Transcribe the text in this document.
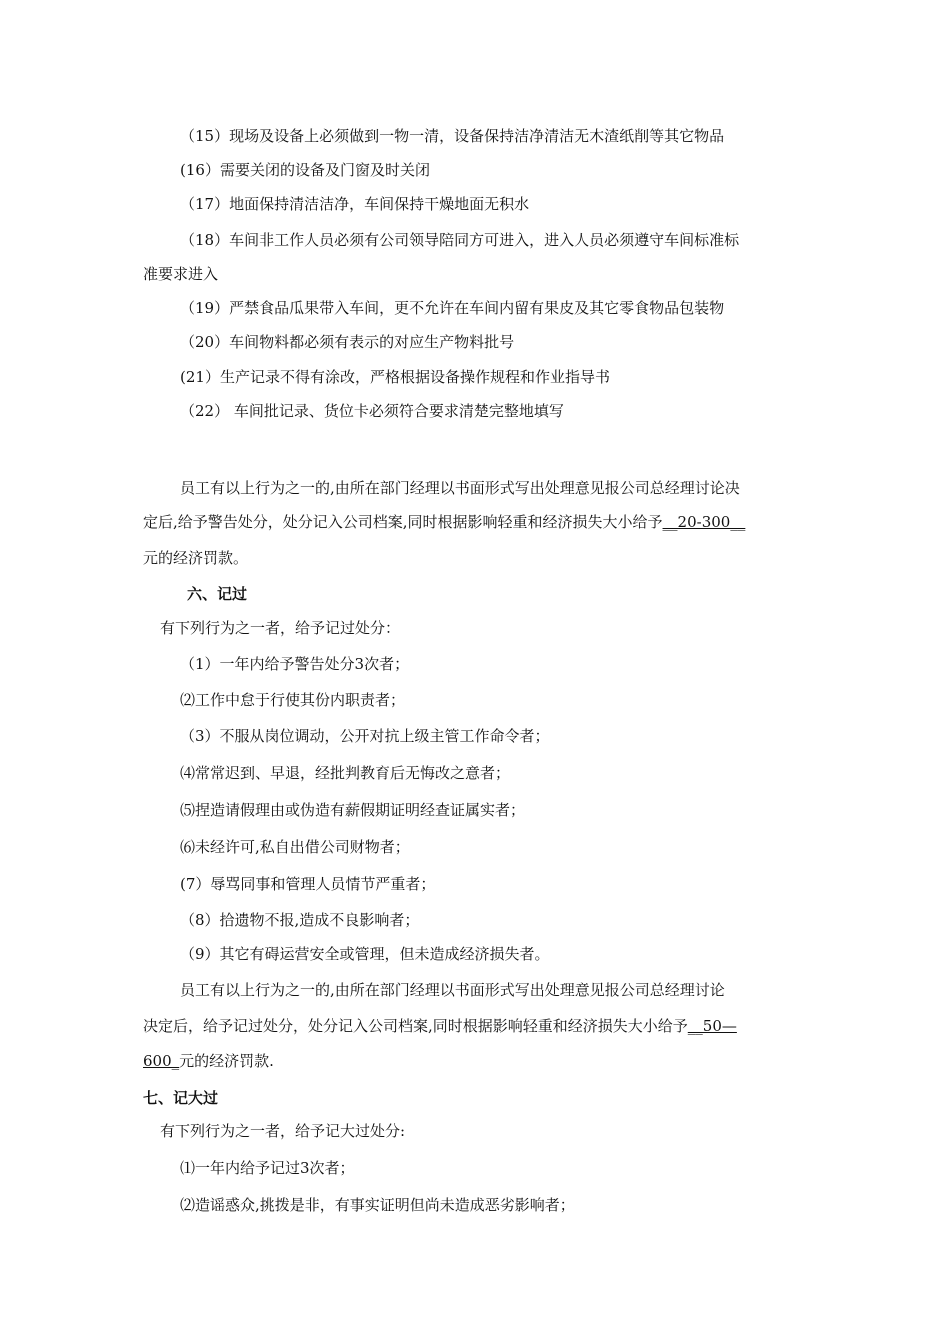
（15）现场及设备上必须做到一物一清，设备保持洁净清洁无木渣纸削等其它物品
(16）需要关闭的设备及门窗及时关闭
（17）地面保持清洁洁净，车间保持干燥地面无积水
（18）车间非工作人员必须有公司领导陪同方可进入，进入人员必须遵守车间标准标
准要求进入
（19）严禁食品瓜果带入车间，更不允许在车间内留有果皮及其它零食物品包装物
（20）车间物料都必须有表示的对应生产物料批号
(21）生产记录不得有涂改，严格根据设备操作规程和作业指导书
（22） 车间批记录、货位卡必须符合要求清楚完整地填写
员工有以上行为之一的,由所在部门经理以书面形式写出处理意见报公司总经理讨论决
定后,给予警告处分，处分记入公司档案,同时根据影响轻重和经济损失大小给予__20-300__
元的经济罚款。
六、记过
有下列行为之一者，给予记过处分：
（1）一年内给予警告处分3次者；
⑵工作中怠于行使其份内职责者；
（3）不服从岗位调动，公开对抗上级主管工作命令者；
⑷常常迟到、早退，经批判教育后无悔改之意者；
⑸捏造请假理由或伪造有薪假期证明经查证属实者；
⑹未经许可,私自出借公司财物者；
(7）辱骂同事和管理人员情节严重者；
（8）拾遗物不报,造成不良影响者；
（9）其它有碍运营安全或管理，但未造成经济损失者。
员工有以上行为之一的,由所在部门经理以书面形式写出处理意见报公司总经理讨论
决定后，给予记过处分，处分记入公司档案,同时根据影响轻重和经济损失大小给予__50—
600_元的经济罚款.
七、记大过
有下列行为之一者，给予记大过处分:
⑴一年内给予记过3次者；
⑵造谣惑众,挑拨是非，有事实证明但尚未造成恶劣影响者；
